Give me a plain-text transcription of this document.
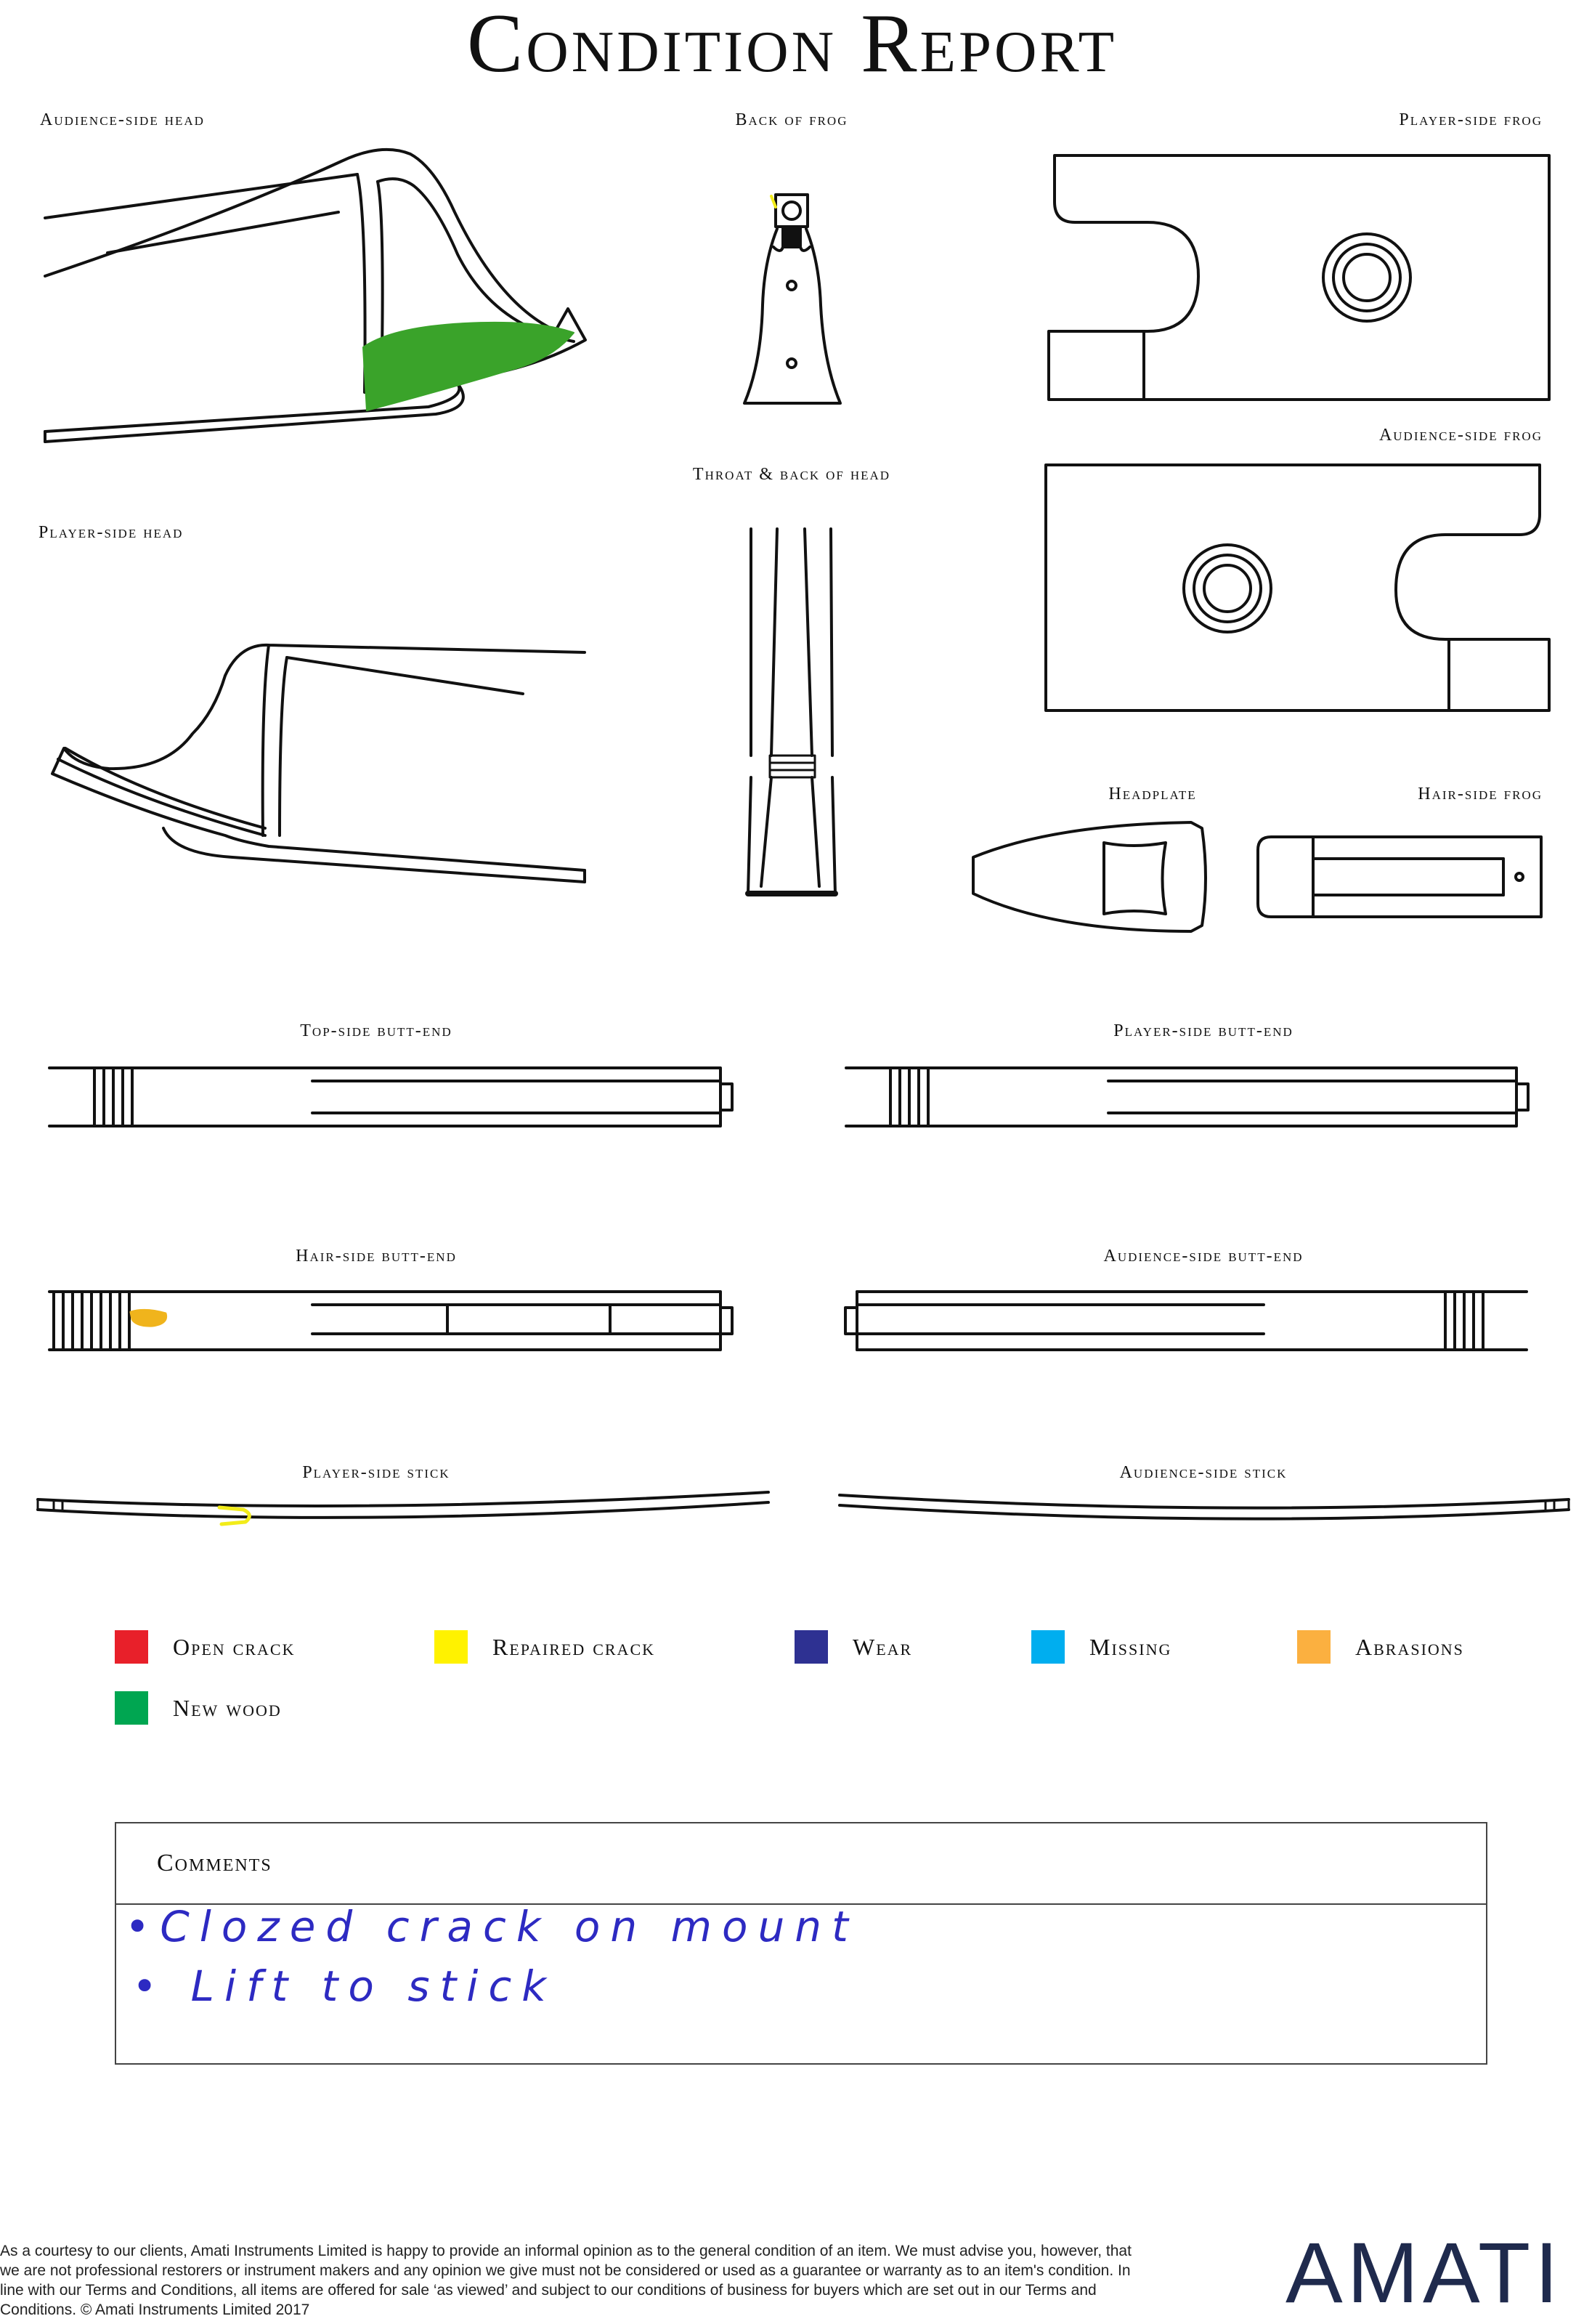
Condition Report
Audience-side head	Back of frog	Player-side frog
Audience-side frog
Throat & back of head
Player-side head
Headplate	Hair-side frog
Top-side butt-end	Player-side butt-end
Hair-side butt-end	Audience-side butt-end
Player-side stick	Audience-side stick
Open crack	Repaired crack	Wear	Missing	Abrasions
New wood
Comments
•Clozed crack on mount
• Lift to stick
As a courtesy to our clients, Amati Instruments Limited is happy to provide an informal opinion as to the general condition of an item. We must advise you, however, that we are not professional restorers or instrument makers and any opinion we give must not be considered or used as a guarantee or warranty as to an item's condition. In line with our Terms and Conditions, all items are offered for sale ‘as viewed’ and subject to our conditions of business for buyers which are set out in our Terms and Conditions. © Amati Instruments Limited 2017	AMATI
